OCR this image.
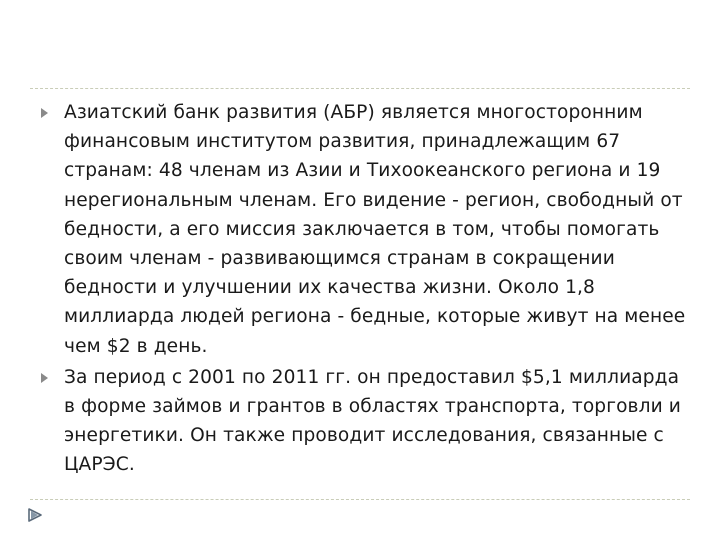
Азиатский банк развития (АБР) является многосторонним финансовым институтом развития, принадлежащим 67 странам: 48 членам из Азии и Тихоокеанского региона и 19 нерегиональным членам. Его видение - регион, свободный от бедности, а его миссия заключается в том, чтобы помогать своим членам - развивающимся странам в сокращении бедности и улучшении их качества жизни. Около 1,8 миллиарда людей региона - бедные, которые живут на менее чем $2 в день.
За период с 2001 по 2011 гг. он предоставил $5,1 миллиарда в форме займов и грантов в областях транспорта, торговли и энергетики. Он также проводит исследования, связанные с ЦАРЭС.
